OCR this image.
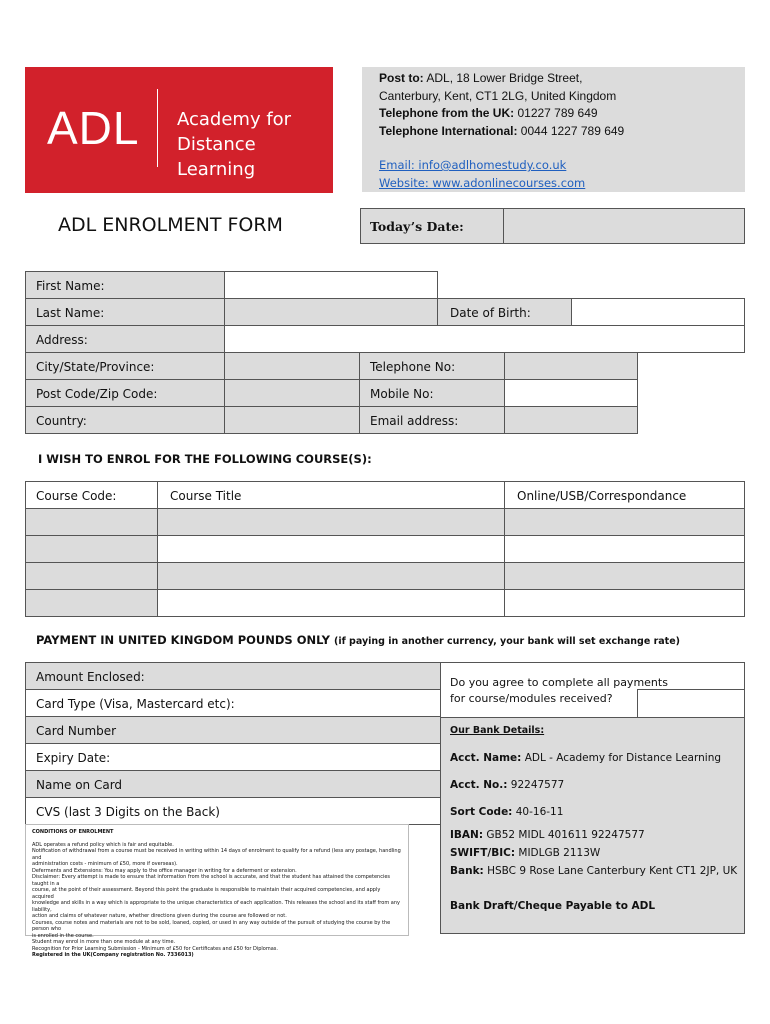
ADL Academy for
Distance Learning
Post to: ADL, 18 Lower Bridge Street,
Canterbury, Kent, CT1 2LG, United Kingdom
Telephone from the UK: 01227 789 649
Telephone International: 0044 1227 789 649
Email: info@adlhomestudy.co.uk
Website: www.adonlinecourses.com
ADL ENROLMENT FORM	Today’s Date:
First Name:
Last Name:	Date of Birth:
Address:
City/State/Province:	Telephone No:
Post Code/Zip Code:	Mobile No:
Country:	Email address:
I WISH TO ENROL FOR THE FOLLOWING COURSE(S):
Course Code:	Course Title	Online/USB/Correspondance
PAYMENT IN UNITED KINGDOM POUNDS ONLY (if paying in another currency, your bank will set exchange rate)
Amount Enclosed:
Card Type (Visa, Mastercard etc):
Card Number
Expiry Date:
Name on Card
CVS (last 3 Digits on the Back)
Do you agree to complete all payments
for course/modules received?
Our Bank Details:
Acct. Name: ADL - Academy for Distance Learning
Acct. No.: 92247577
Sort Code: 40-16-11
IBAN: GB52 MIDL 401611 92247577
SWIFT/BIC: MIDLGB 2113W
Bank: HSBC 9 Rose Lane Canterbury Kent CT1 2JP, UK
Bank Draft/Cheque Payable to ADL
CONDITIONS OF ENROLMENT
ADL operates a refund policy which is fair and equitable.
Notification of withdrawal from a course must be received in writing within 14 days of enrolment to qualify for a refund (less any postage, handling and
administration costs - minimum of £50, more if overseas).
Deferments and Extensions: You may apply to the office manager in writing for a deferment or extension.
Disclaimer: Every attempt is made to ensure that information from the school is accurate, and that the student has attained the competencies taught in a
course, at the point of their assessment. Beyond this point the graduate is responsible to maintain their acquired competencies, and apply acquired
knowledge and skills in a way which is appropriate to the unique characteristics of each application. This releases the school and its staff from any liability,
action and claims of whatever nature, whether directions given during the course are followed or not.
Courses, course notes and materials are not to be sold, loaned, copied, or used in any way outside of the pursuit of studying the course by the person who
is enrolled in the course.
Student may enrol in more than one module at any time.
Recognition for Prior Learning Submission - Minimum of £50 for Certificates and £50 for Diplomas.
Registered in the UK(Company registration No. 7336013)
